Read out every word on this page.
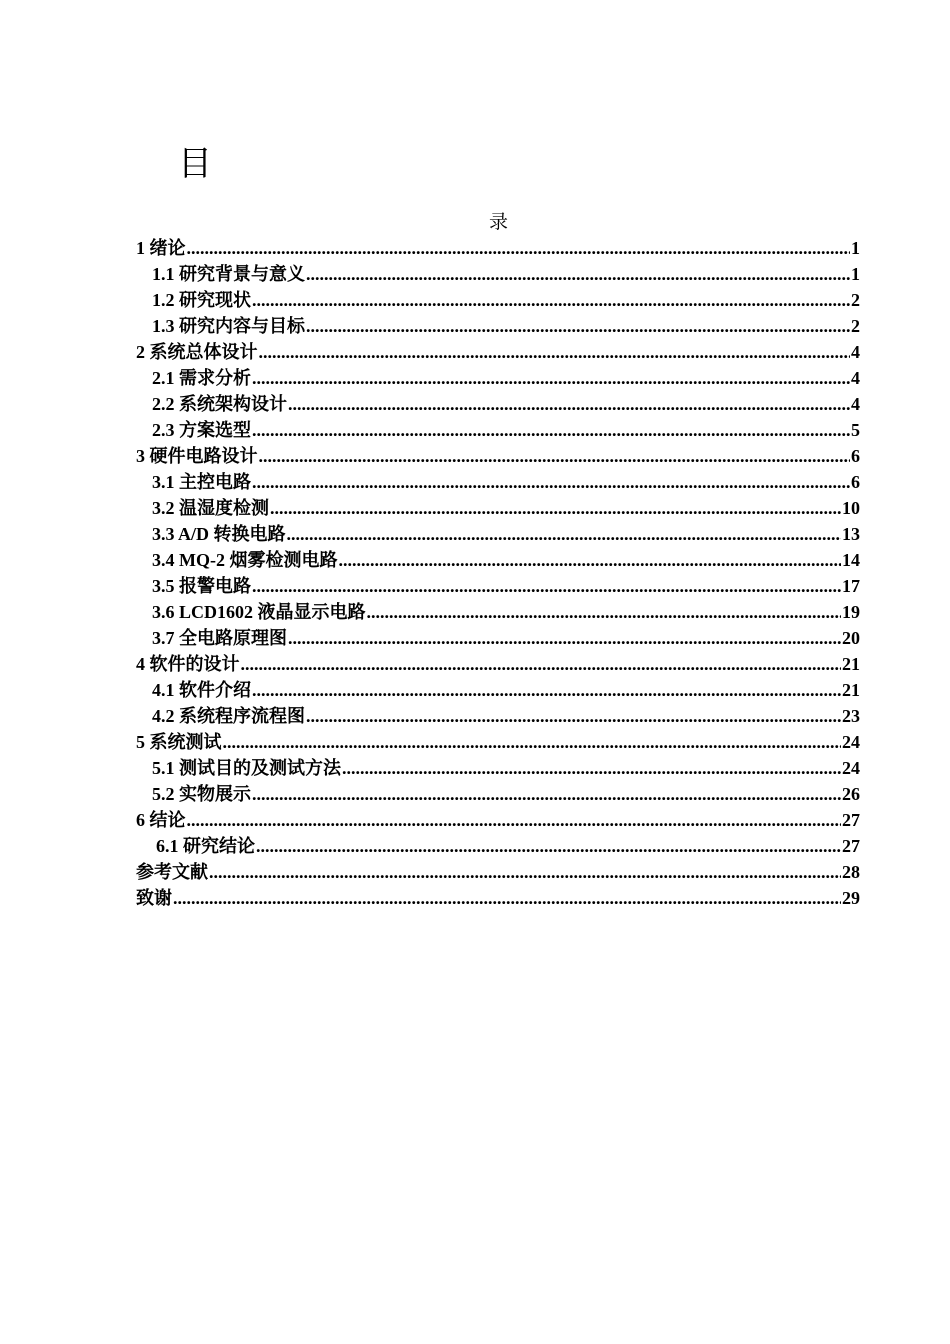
目
录
1 绪论 .....	1
1.1 研究背景与意义 .....	1
1.2 研究现状 .....	2
1.3 研究内容与目标 .....	2
2 系统总体设计 .....	4
2.1 需求分析 .....	4
2.2 系统架构设计 .....	4
2.3 方案选型 .....	5
3 硬件电路设计 .....	6
3.1 主控电路 .....	6
3.2 温湿度检测 .....	10
3.3 A/D 转换电路 .....	13
3.4 MQ-2 烟雾检测电路 .....	14
3.5 报警电路 .....	17
3.6 LCD1602 液晶显示电路 .....	19
3.7 全电路原理图 .....	20
4 软件的设计 .....	21
4.1 软件介绍 .....	21
4.2 系统程序流程图 .....	23
5 系统测试 .....	24
5.1 测试目的及测试方法 .....	24
5.2 实物展示 .....	26
6 结论 .....	27
6.1 研究结论 .....	27
参考文献 .....	28
致谢 .....	29
